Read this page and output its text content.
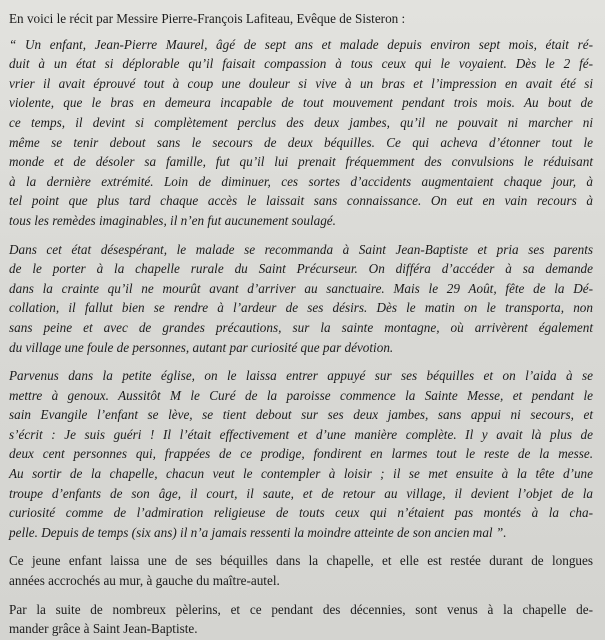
En voici le récit par Messire Pierre-François Lafiteau, Evêque de Sisteron :
“ Un enfant, Jean-Pierre Maurel, âgé de sept ans et malade depuis environ sept mois, était ré-
duit à un état si déplorable qu’il faisait compassion à tous ceux qui le voyaient. Dès le 2 fé-
vrier il avait éprouvé tout à coup une douleur si vive à un bras et l’impression en avait été si
violente, que le bras en demeura incapable de tout mouvement pendant trois mois. Au bout de
ce temps, il devint si complètement perclus des deux jambes, qu’il ne pouvait ni marcher ni
même se tenir debout sans le secours de deux béquilles. Ce qui acheva d’étonner tout le
monde et de désoler sa famille, fut qu’il lui prenait fréquemment des convulsions le réduisant
à la dernière extrémité. Loin de diminuer, ces sortes d’accidents augmentaient chaque jour, à
tel point que plus tard chaque accès le laissait sans connaissance. On eut en vain recours à
tous les remèdes imaginables, il n’en fut aucunement soulagé.
Dans cet état désespérant, le malade se recommanda à Saint Jean-Baptiste et pria ses parents
de le porter à la chapelle rurale du Saint Précurseur. On différa d’accéder à sa demande
dans la crainte qu’il ne mourût avant d’arriver au sanctuaire. Mais le 29 Août, fête de la Dé-
collation, il fallut bien se rendre à l’ardeur de ses désirs. Dès le matin on le transporta, non
sans peine et avec de grandes précautions, sur la sainte montagne, où arrivèrent également
du village une foule de personnes, autant par curiosité que par dévotion.
Parvenus dans la petite église, on le laissa entrer appuyé sur ses béquilles et on l’aida à se
mettre à genoux. Aussitôt M le Curé de la paroisse commence la Sainte Messe, et pendant le
sain Evangile l’enfant se lève, se tient debout sur ses deux jambes, sans appui ni secours, et
s’écrit : Je suis guéri ! Il l’était effectivement et d’une manière complète. Il y avait là plus de
deux cent personnes qui, frappées de ce prodige, fondirent en larmes tout le reste de la messe.
Au sortir de la chapelle, chacun veut le contempler à loisir ; il se met ensuite à la tête d’une
troupe d’enfants de son âge, il court, il saute, et de retour au village, il devient l’objet de la
curiosité comme de l’admiration religieuse de touts ceux qui n’étaient pas montés à la cha-
pelle. Depuis de temps (six ans) il n’a jamais ressenti la moindre atteinte de son ancien mal ”.
Ce jeune enfant laissa une de ses béquilles dans la chapelle, et elle est restée durant de longues
années accrochés au mur, à gauche du maître-autel.
Par la suite de nombreux pèlerins, et ce pendant des décennies, sont venus à la chapelle de-
mander grâce à Saint Jean-Baptiste.
